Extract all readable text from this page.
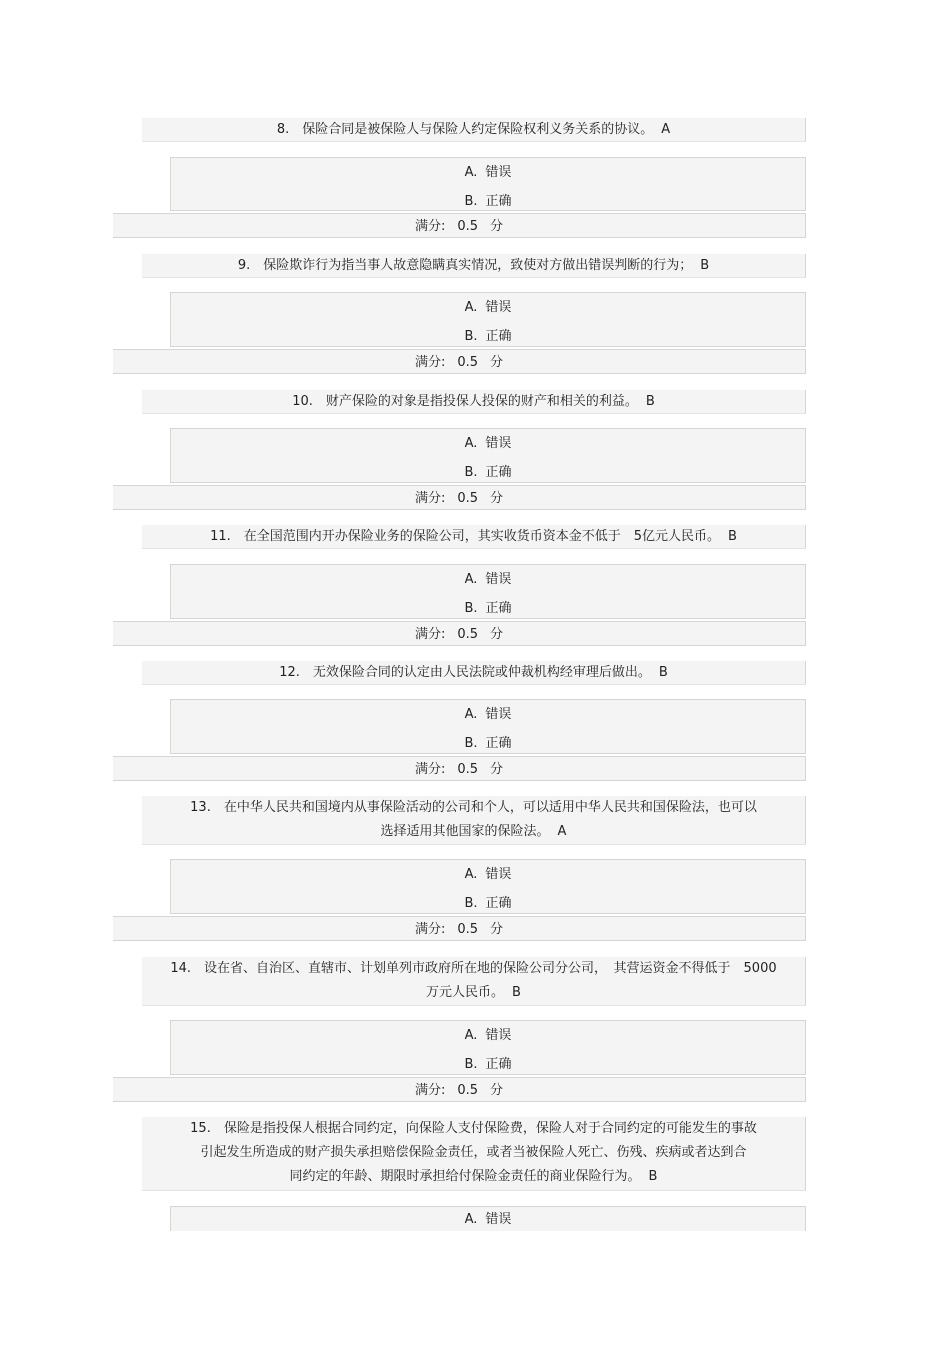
8.　保险合同是被保险人与保险人约定保险权利义务关系的协议。 A
A. 错误
B. 正确
满分: 0.5 分
9.　保险欺诈行为指当事人故意隐瞒真实情况，致使对方做出错误判断的行为； B
A. 错误
B. 正确
满分: 0.5 分
10.　财产保险的对象是指投保人投保的财产和相关的利益。 B
A. 错误
B. 正确
满分: 0.5 分
11.　在全国范围内开办保险业务的保险公司，其实收货币资本金不低于　5亿元人民币。 B
A. 错误
B. 正确
满分: 0.5 分
12.　无效保险合同的认定由人民法院或仲裁机构经审理后做出。 B
A. 错误
B. 正确
满分: 0.5 分
13.　在中华人民共和国境内从事保险活动的公司和个人，可以适用中华人民共和国保险法，也可以
选择适用其他国家的保险法。 A
A. 错误
B. 正确
满分: 0.5 分
14.　设在省、自治区、直辖市、计划单列市政府所在地的保险公司分公司，　其营运资金不得低于　5000
万元人民币。 B
A. 错误
B. 正确
满分: 0.5 分
15.　保险是指投保人根据合同约定，向保险人支付保险费，保险人对于合同约定的可能发生的事故
引起发生所造成的财产损失承担赔偿保险金责任，或者当被保险人死亡、伤残、疾病或者达到合
同约定的年龄、期限时承担给付保险金责任的商业保险行为。 B
A. 错误
